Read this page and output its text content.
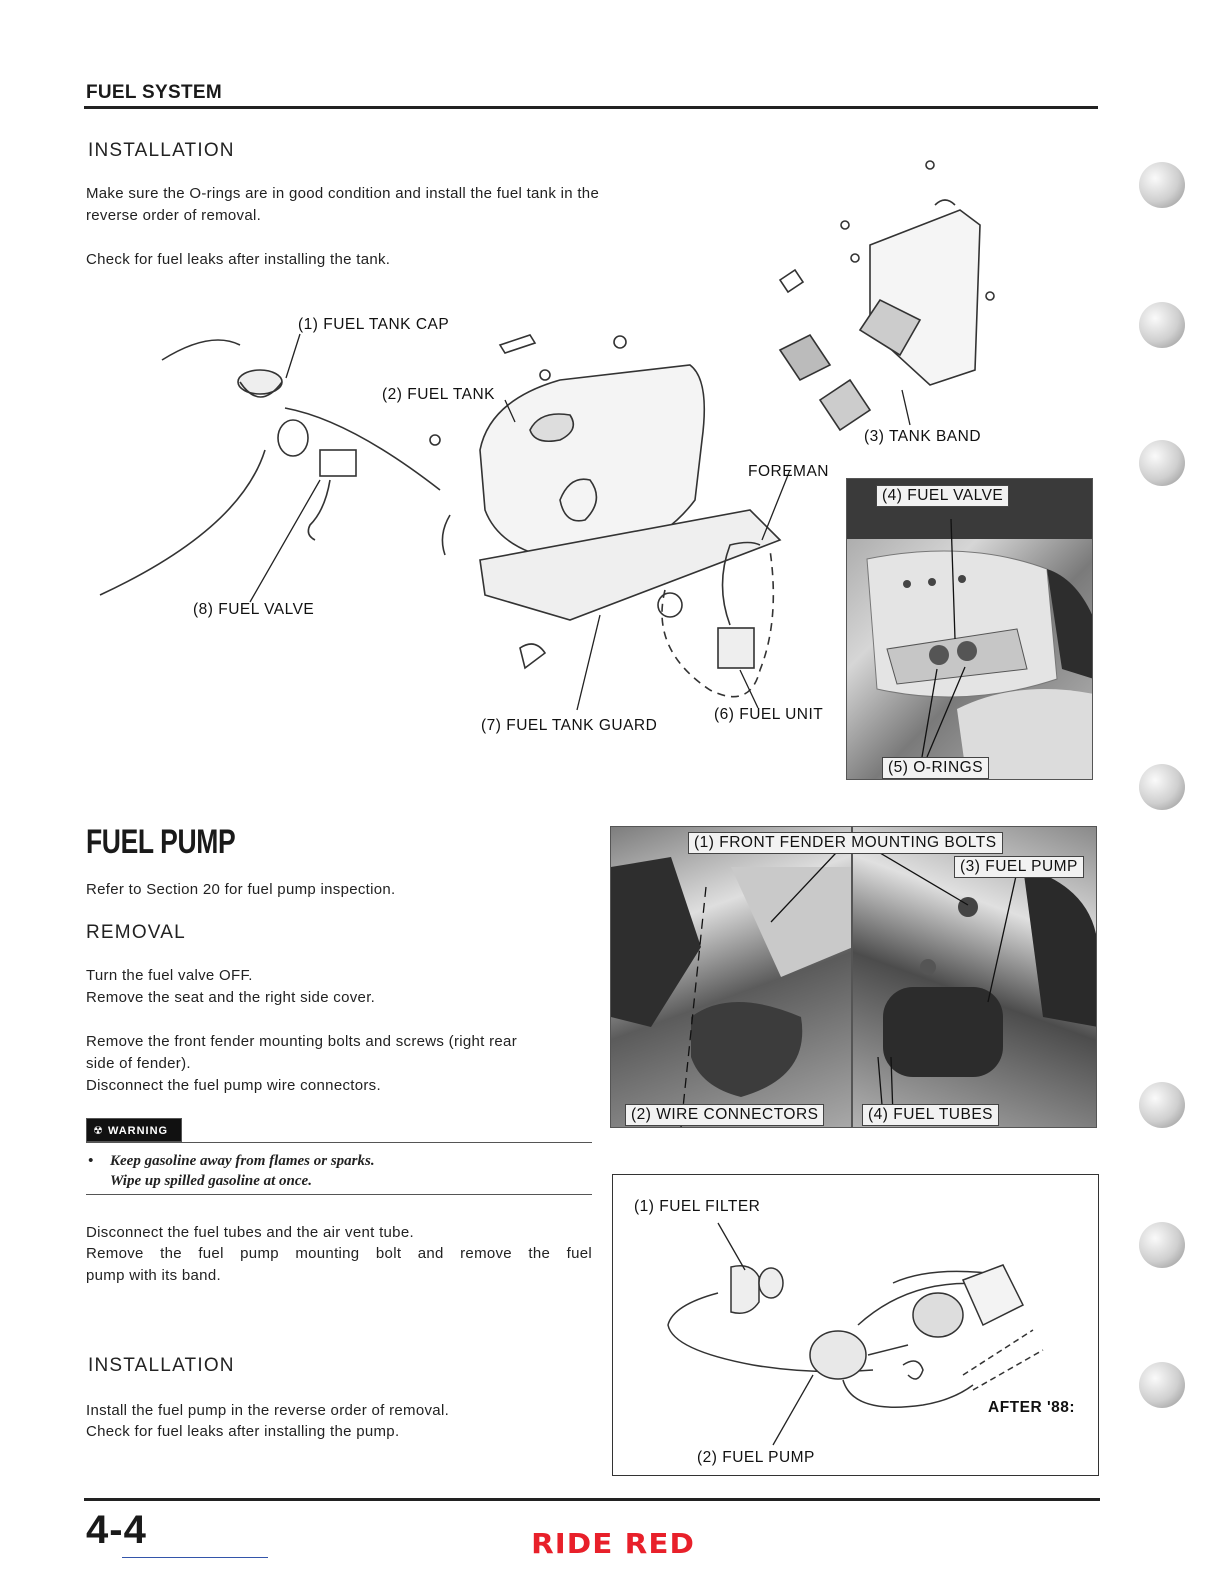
FUEL SYSTEM
INSTALLATION
Make sure the O-rings are in good condition and install the fuel tank in the reverse order of removal.
Check for fuel leaks after installing the tank.
(1) FUEL TANK CAP
(2) FUEL TANK
(3) TANK BAND
FOREMAN
(6) FUEL UNIT
(7) FUEL TANK GUARD
(8) FUEL VALVE
(4) FUEL VALVE
(5) O-RINGS
FUEL PUMP
Refer to Section 20 for fuel pump inspection.
REMOVAL
Turn the fuel valve OFF.
Remove the seat and the right side cover.
Remove the front fender mounting bolts and screws (right rear
side of fender).
Disconnect the fuel pump wire connectors.
☢ WARNING
• Keep gasoline away from flames or sparks.
Wipe up spilled gasoline at once.
Disconnect the fuel tubes and the air vent tube.
Remove the fuel pump mounting bolt and remove the fuel
pump with its band.
INSTALLATION
Install the fuel pump in the reverse order of removal.
Check for fuel leaks after installing the pump.
(1) FRONT FENDER MOUNTING BOLTS
(3) FUEL PUMP
(2) WIRE CONNECTORS	(4) FUEL TUBES
(1) FUEL FILTER
(2) FUEL PUMP
AFTER '88:
4-4	RIDE RED
